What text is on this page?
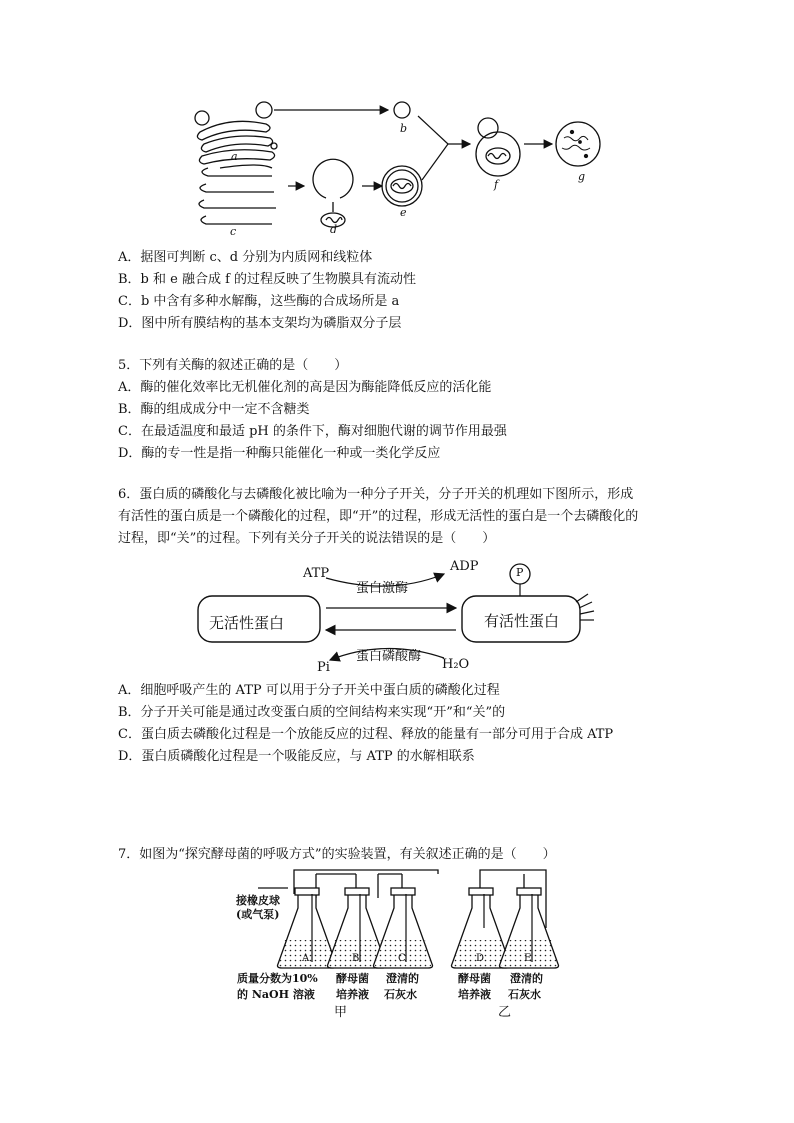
a
b
c	d
e
f
g
A．据图可判断 c、d 分别为内质网和线粒体
B．b 和 e 融合成 f 的过程反映了生物膜具有流动性
C．b 中含有多种水解酶，这些酶的合成场所是 a
D．图中所有膜结构的基本支架均为磷脂双分子层
5．下列有关酶的叙述正确的是（　　）
A．酶的催化效率比无机催化剂的高是因为酶能降低反应的活化能
B．酶的组成成分中一定不含糖类
C．在最适温度和最适 pH 的条件下，酶对细胞代谢的调节作用最强
D．酶的专一性是指一种酶只能催化一种或一类化学反应
6．蛋白质的磷酸化与去磷酸化被比喻为一种分子开关，分子开关的机理如下图所示，形成
有活性的蛋白质是一个磷酸化的过程，即“开”的过程，形成无活性的蛋白是一个去磷酸化的
过程，即“关”的过程。下列有关分子开关的说法错误的是（　　）
ATP
蛋白激酶
ADP	P
无活性蛋白	有活性蛋白
蛋白磷酸酶
Pi	H₂O
A．细胞呼吸产生的 ATP 可以用于分子开关中蛋白质的磷酸化过程
B．分子开关可能是通过改变蛋白质的空间结构来实现“开”和“关”的
C．蛋白质去磷酸化过程是一个放能反应的过程、释放的能量有一部分可用于合成 ATP
D．蛋白质磷酸化过程是一个吸能反应，与 ATP 的水解相联系
7．如图为“探究酵母菌的呼吸方式”的实验装置，有关叙述正确的是（　　）
接橡皮球
(或气泵)
A	B	C	D	E
质量分数为10%
的 NaOH 溶液
酵母菌
培养液
澄清的
石灰水
酵母菌
培养液
澄清的
石灰水
甲	乙
